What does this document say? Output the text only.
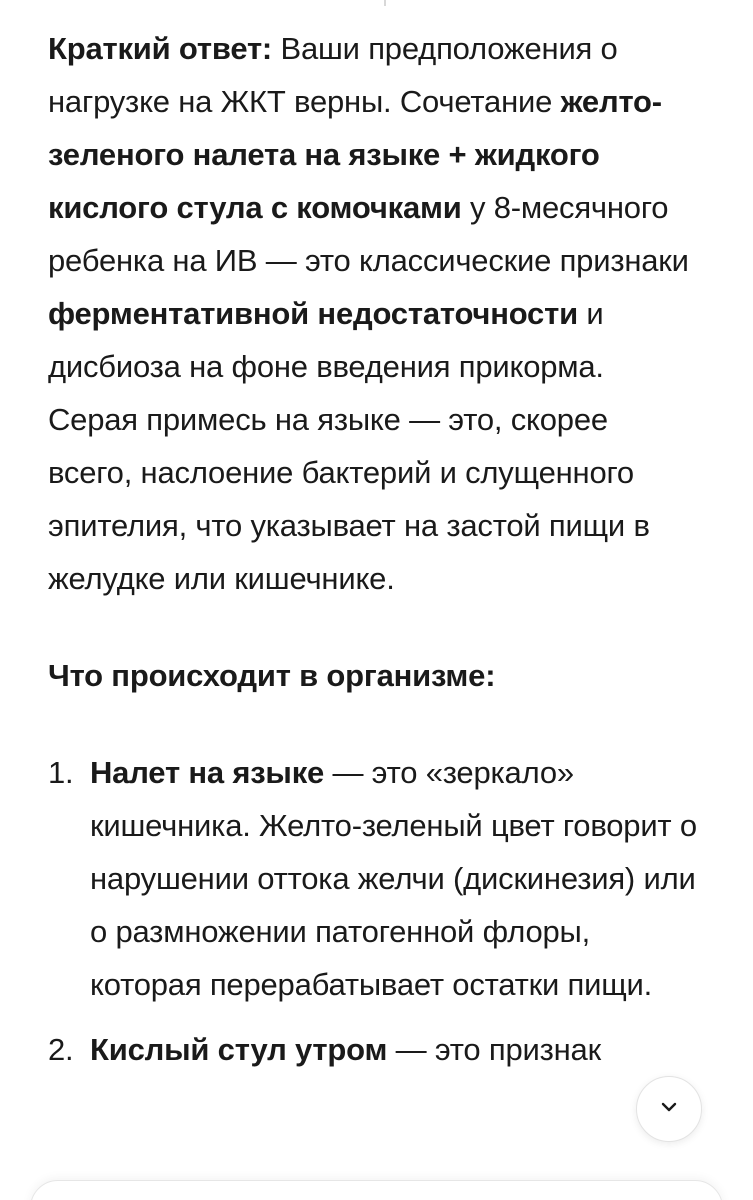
Краткий ответ: Ваши предположения о нагрузке на ЖКТ верны. Сочетание желто-зеленого налета на языке + жидкого кислого стула с комочками у 8-месячного ребенка на ИВ — это классические признаки ферментативной недостаточности и дисбиоза на фоне введения прикорма. Серая примесь на языке — это, скорее всего, наслоение бактерий и слущенного эпителия, что указывает на застой пищи в желудке или кишечнике.

Что происходит в организме:

1. Налет на языке — это «зеркало» кишечника. Желто-зеленый цвет говорит о нарушении оттока желчи (дискинезия) или о размножении патогенной флоры, которая перерабатывает остатки пищи.
2. Кислый стул утром — это признак
